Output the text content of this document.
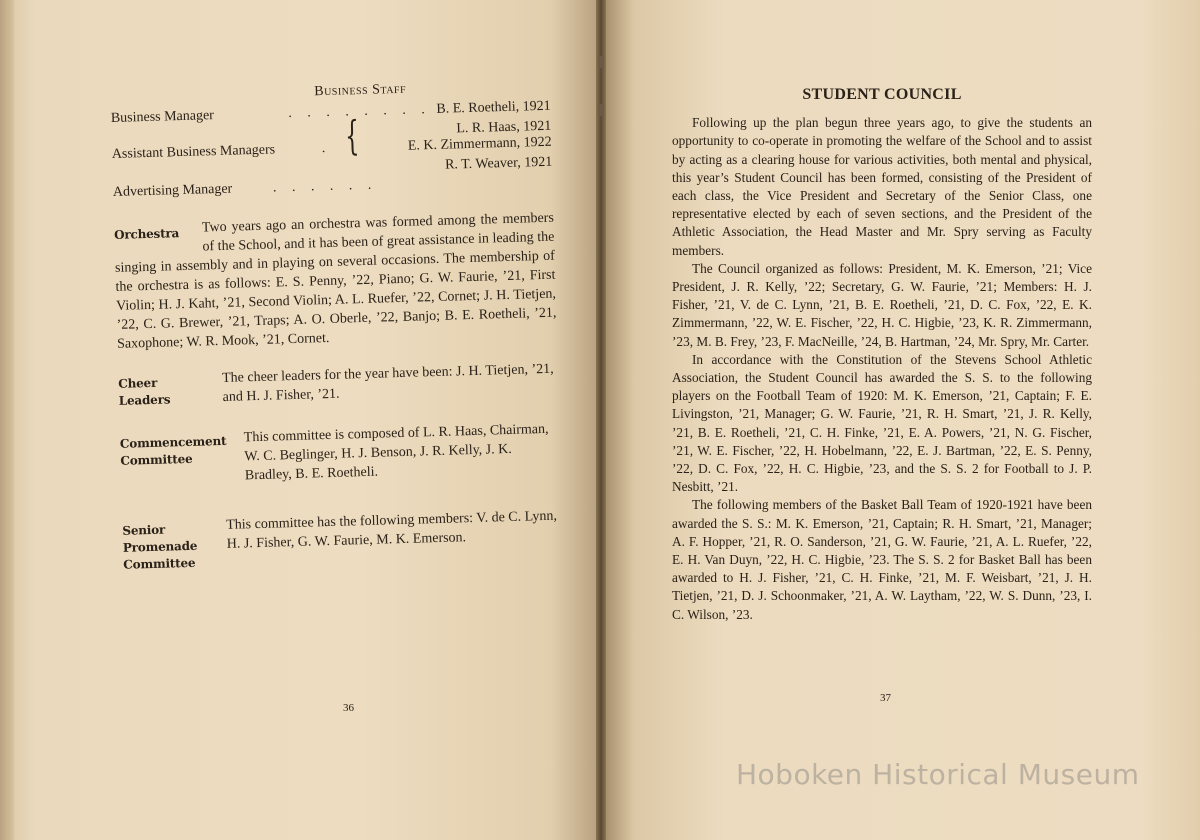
Business Staff
Business Manager	. . . . . . . . B. E. Roetheli, 1921
L. R. Haas, 1921
Assistant Business Managers	.	E. K. Zimmermann, 1922
R. T. Weaver, 1921
Advertising Manager	. . . . . .
{
Orchestra	Two years ago an orchestra was formed among the members of the School, and it has been of great assistance in leading the singing in assembly and in playing on several occasions. The membership of the orchestra is as follows: E. S. Penny, ’22, Piano; G. W. Faurie, ’21, First Violin; H. J. Kaht, ’21, Second Violin; A. L. Ruefer, ’22, Cornet; J. H. Tietjen, ’22, C. G. Brewer, ’21, Traps; A. O. Oberle, ’22, Banjo; B. E. Roetheli, ’21, Saxophone; W. R. Mook, ’21, Cornet.
Cheer
Leaders
The cheer leaders for the year have been: J. H. Tietjen, ’21, and H. J. Fisher, ’21.
Commencement
Committee
This committee is composed of L. R. Haas, Chairman, W. C. Beglinger, H. J. Benson, J. R. Kelly, J. K. Bradley, B. E. Roetheli.
Senior
Promenade
Committee
This committee has the following members: V. de C. Lynn, H. J. Fisher, G. W. Faurie, M. K. Emerson.
36
STUDENT COUNCIL

Following up the plan begun three years ago, to give the students an opportunity to co-operate in promoting the welfare of the School and to assist by acting as a clearing house for various activities, both mental and physical, this year’s Student Council has been formed, consisting of the President of each class, the Vice President and Secretary of the Senior Class, one representative elected by each of seven sections, and the President of the Athletic Association, the Head Master and Mr. Spry serving as Faculty members.

The Council organized as follows: President, M. K. Emerson, ’21; Vice President, J. R. Kelly, ’22; Secretary, G. W. Faurie, ’21; Members: H. J. Fisher, ’21, V. de C. Lynn, ’21, B. E. Roetheli, ’21, D. C. Fox, ’22, E. K. Zimmermann, ’22, W. E. Fischer, ’22, H. C. Higbie, ’23, K. R. Zimmermann, ’23, M. B. Frey, ’23, F. MacNeille, ’24, B. Hartman, ’24, Mr. Spry, Mr. Carter.

In accordance with the Constitution of the Stevens School Athletic Association, the Student Council has awarded the S. S. to the following players on the Football Team of 1920: M. K. Emerson, ’21, Captain; F. E. Livingston, ’21, Manager; G. W. Faurie, ’21, R. H. Smart, ’21, J. R. Kelly, ’21, B. E. Roetheli, ’21, C. H. Finke, ’21, E. A. Powers, ’21, N. G. Fischer, ’21, W. E. Fischer, ’22, H. Hobelmann, ’22, E. J. Bartman, ’22, E. S. Penny, ’22, D. C. Fox, ’22, H. C. Higbie, ’23, and the S. S. 2 for Football to J. P. Nesbitt, ’21.

The following members of the Basket Ball Team of 1920-1921 have been awarded the S. S.: M. K. Emerson, ’21, Captain; R. H. Smart, ’21, Manager; A. F. Hopper, ’21, R. O. Sanderson, ’21, G. W. Faurie, ’21, A. L. Ruefer, ’22, E. H. Van Duyn, ’22, H. C. Higbie, ’23. The S. S. 2 for Basket Ball has been awarded to H. J. Fisher, ’21, C. H. Finke, ’21, M. F. Weisbart, ’21, J. H. Tietjen, ’21, D. J. Schoonmaker, ’21, A. W. Laytham, ’22, W. S. Dunn, ’23, I. C. Wilson, ’23.

37
Hoboken Historical Museum
